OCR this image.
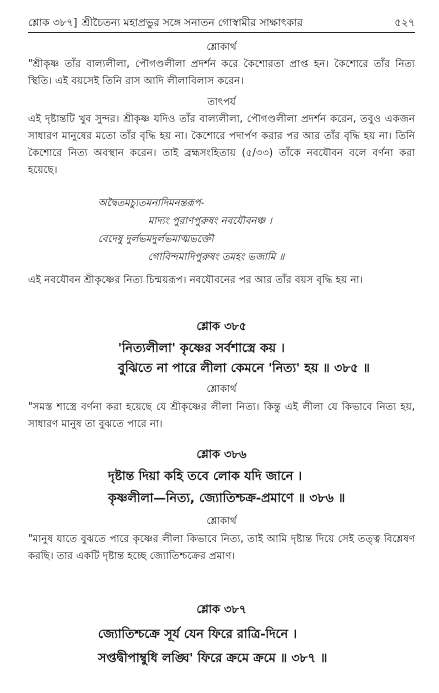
শ্লোক ৩৮৭] শ্রীচৈতন্য মহাপ্রভুর সঙ্গে সনাতন গোস্বামীর সাক্ষাৎকার	৫২৭
শ্লোকার্থ
"শ্রীকৃষ্ণ তাঁর বাল্যলীলা, পৌগণ্ডলীলা প্রদর্শন করে কৈশোরতা প্রাপ্ত হন। কৈশোরে তাঁর নিত্য স্থিতি। এই বয়সেই তিনি রাস আদি লীলাবিলাস করেন।
তাৎপর্য
এই দৃষ্টান্তটি খুব সুন্দর। শ্রীকৃষ্ণ যদিও তাঁর বাল্যলীলা, পৌগণ্ডলীলা প্রদর্শন করেন, তবুও একজন সাধারণ মানুষের মতো তাঁর বৃদ্ধি হয় না। কৈশোরে পদার্পণ করার পর আর তাঁর বৃদ্ধি হয় না। তিনি কৈশোরে নিত্য অবস্থান করেন। তাই ব্রহ্মসংহিতায় (৫/৩৩) তাঁকে নবযৌবন বলে বর্ণনা করা হয়েছে।
অদ্বৈতমচ্যুতমনাদিমনন্তরূপ-
মাদ্যং পুরাণপুরুষং নবযৌবনঞ্চ ।
বেদেষু দুর্লভমদুর্লভমাত্মভক্তৌ
গোবিন্দমাদিপুরুষং তমহং ভজামি ॥
এই নবযৌবন শ্রীকৃষ্ণের নিত্য চিন্ময়রূপ। নবযৌবনের পর আর তাঁর বয়স বৃদ্ধি হয় না।
শ্লোক ৩৮৫
'নিত্যলীলা' কৃষ্ণের সর্বশাস্ত্রে কয় ।
বুঝিতে না পারে লীলা কেমনে 'নিত্য' হয় ॥ ৩৮৫ ॥
শ্লোকার্থ
"সমস্ত শাস্ত্রে বর্ণনা করা হয়েছে যে শ্রীকৃষ্ণের লীলা নিত্য। কিন্তু এই লীলা যে কিভাবে নিত্য হয়, সাধারণ মানুষ তা বুঝতে পারে না।
শ্লোক ৩৮৬
দৃষ্টান্ত দিয়া কহি তবে লোক যদি জানে ।
কৃষ্ণলীলা—নিত্য, জ্যোতিশ্চক্র-প্রমাণে ॥ ৩৮৬ ॥
শ্লোকার্থ
"মানুষ যাতে বুঝতে পারে কৃষ্ণের লীলা কিভাবে নিত্য, তাই আমি দৃষ্টান্ত দিয়ে সেই তত্ত্ব বিশ্লেষণ করছি। তার একটি দৃষ্টান্ত হচ্ছে জ্যোতিশ্চক্রের প্রমাণ।
শ্লোক ৩৮৭
জ্যোতিশ্চক্রে সূর্য যেন ফিরে রাত্রি-দিনে ।
সপ্তদ্বীপাম্বুধি লঙ্ঘি' ফিরে ক্রমে ক্রমে ॥ ৩৮৭ ॥
